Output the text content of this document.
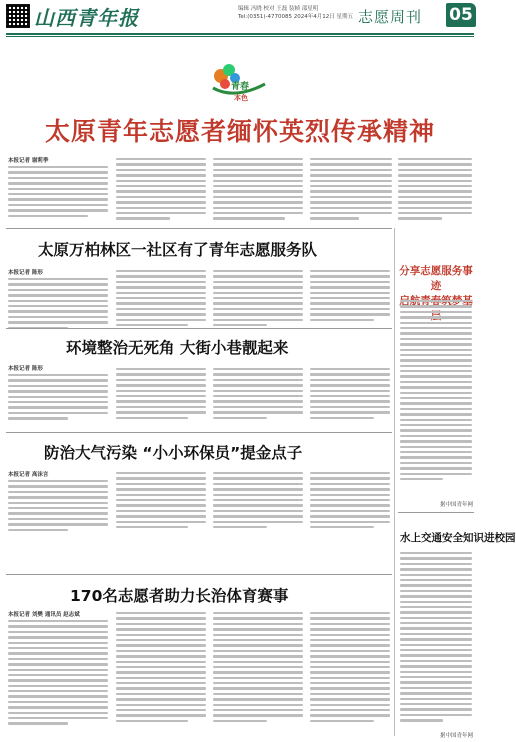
山西青年报	编辑 冯晓 校对 王磊 装帧 邵星明
Tel:(0351)-4770085 2024年4月12日 星期五 志愿周刊 05
青春
本色
太原青年志愿者缅怀英烈传承精神
本报记者 谢莉季
太原万柏林区一社区有了青年志愿服务队
本报记者 陈形
环境整治无死角 大街小巷靓起来
本报记者 陈形
防治大气污染 “小小环保员”提金点子
本报记者 高沫言
170名志愿者助力长治体育赛事
本报记者 刘樊 通讯员 赵志斌
分享志愿服务事迹
据中国青年网
水上交通安全知识进校园
据中国青年网
